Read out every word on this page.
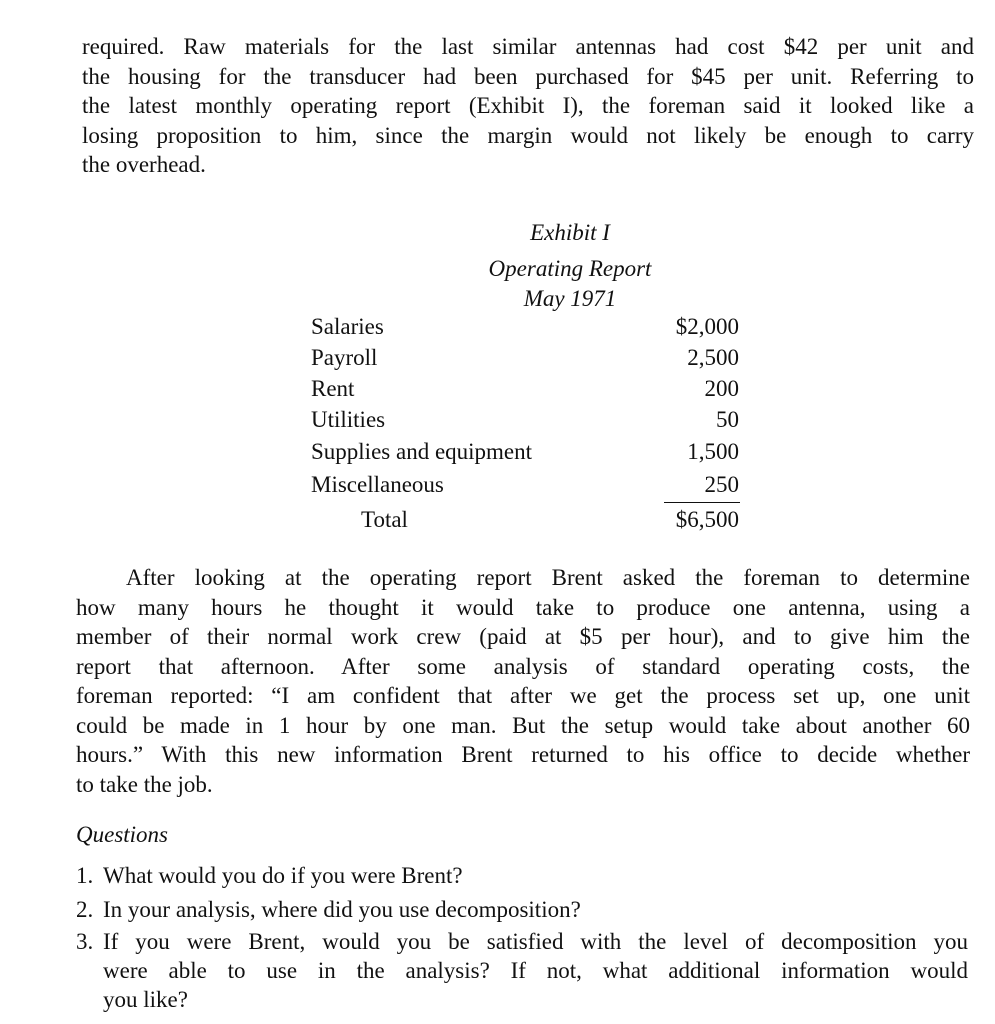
required. Raw materials for the last similar antennas had cost $42 per unit and
the housing for the transducer had been purchased for $45 per unit. Referring to
the latest monthly operating report (Exhibit I), the foreman said it looked like a
losing proposition to him, since the margin would not likely be enough to carry
the overhead.
Exhibit I
Operating Report
May 1971
Salaries	$2,000
Payroll	2,500
Rent	200
Utilities	50
Supplies and equipment	1,500
Miscellaneous	250
Total	$6,500
After looking at the operating report Brent asked the foreman to determine
how many hours he thought it would take to produce one antenna, using a
member of their normal work crew (paid at $5 per hour), and to give him the
report that afternoon. After some analysis of standard operating costs, the
foreman reported: “I am confident that after we get the process set up, one unit
could be made in 1 hour by one man. But the setup would take about another 60
hours.” With this new information Brent returned to his office to decide whether
to take the job.
Questions
1. What would you do if you were Brent?
2. In your analysis, where did you use decomposition?
3. If you were Brent, would you be satisfied with the level of decomposition you
were able to use in the analysis? If not, what additional information would
you like?
